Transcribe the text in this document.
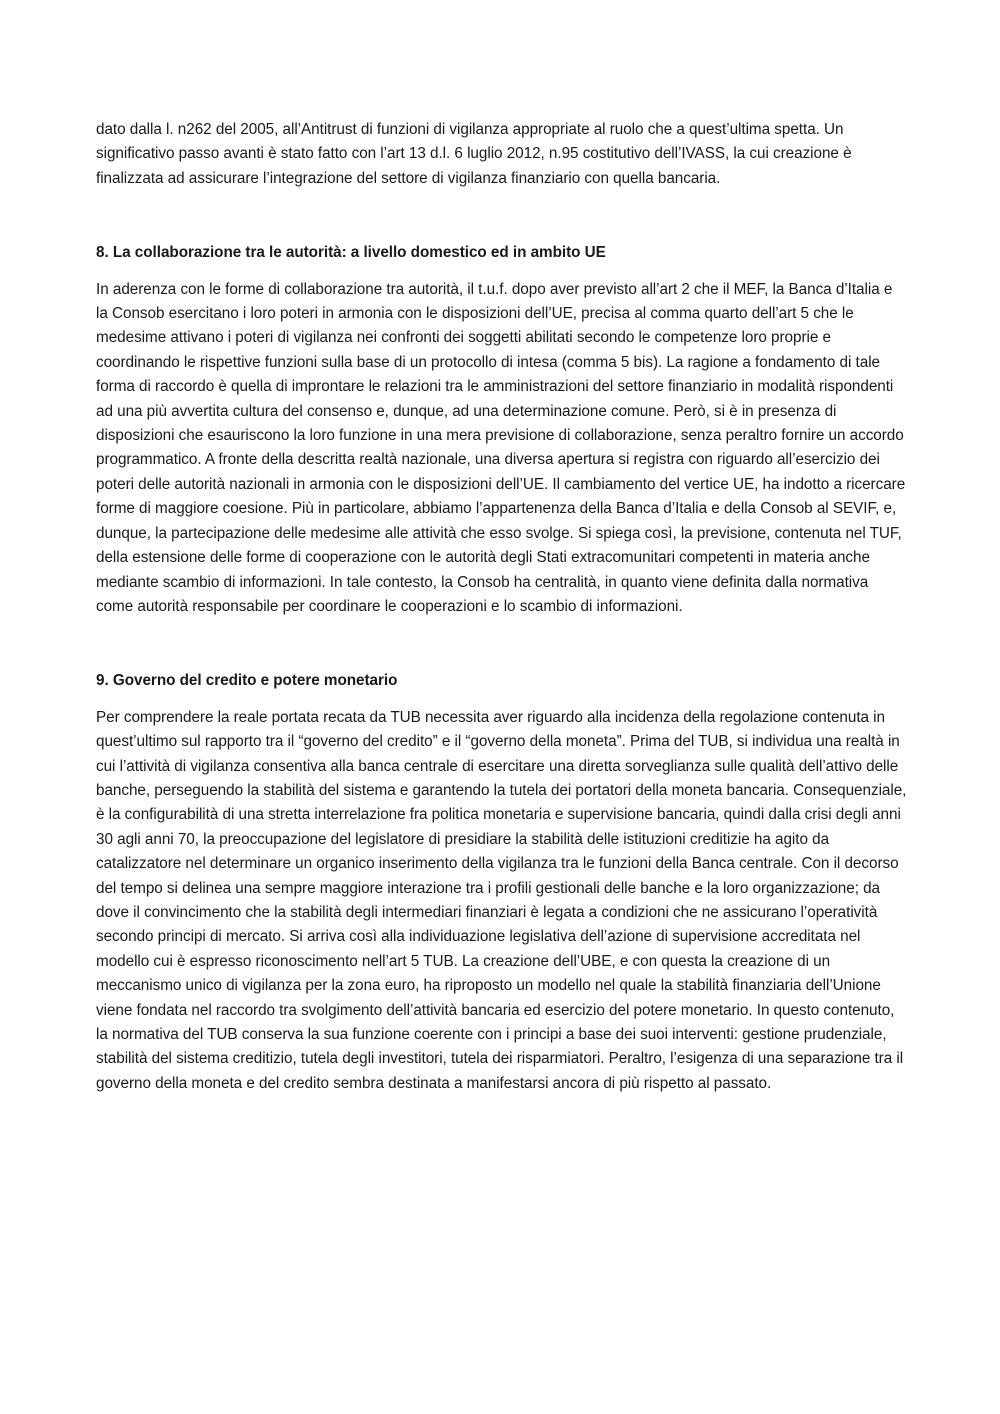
dato dalla l. n262 del 2005, all’Antitrust di funzioni di vigilanza appropriate al ruolo che a quest’ultima spetta. Un significativo passo avanti è stato fatto con l’art 13 d.l. 6 luglio 2012, n.95 costitutivo dell’IVASS, la cui creazione è finalizzata ad assicurare l’integrazione del settore di vigilanza finanziario con quella bancaria.

8. La collaborazione tra le autorità: a livello domestico ed in ambito UE

In aderenza con le forme di collaborazione tra autorità, il t.u.f. dopo aver previsto all’art 2 che il MEF, la Banca d’Italia e la Consob esercitano i loro poteri in armonia con le disposizioni dell’UE, precisa al comma quarto dell’art 5 che le medesime attivano i poteri di vigilanza nei confronti dei soggetti abilitati secondo le competenze loro proprie e coordinando le rispettive funzioni sulla base di un protocollo di intesa (comma 5 bis). La ragione a fondamento di tale forma di raccordo è quella di improntare le relazioni tra le amministrazioni del settore finanziario in modalità rispondenti ad una più avvertita cultura del consenso e, dunque, ad una determinazione comune. Però, si è in presenza di disposizioni che esauriscono la loro funzione in una mera previsione di collaborazione, senza peraltro fornire un accordo programmatico. A fronte della descritta realtà nazionale, una diversa apertura si registra con riguardo all’esercizio dei poteri delle autorità nazionali in armonia con le disposizioni dell’UE. Il cambiamento del vertice UE, ha indotto a ricercare forme di maggiore coesione. Più in particolare, abbiamo l’appartenenza della Banca d’Italia e della Consob al SEVIF, e, dunque, la partecipazione delle medesime alle attività che esso svolge. Si spiega così, la previsione, contenuta nel TUF, della estensione delle forme di cooperazione con le autorità degli Stati extracomunitari competenti in materia anche mediante scambio di informazioni. In tale contesto, la Consob ha centralità, in quanto viene definita dalla normativa come autorità responsabile per coordinare le cooperazioni e lo scambio di informazioni.

9. Governo del credito e potere monetario

Per comprendere la reale portata recata da TUB necessita aver riguardo alla incidenza della regolazione contenuta in quest’ultimo sul rapporto tra il “governo del credito” e il “governo della moneta”. Prima del TUB, si individua una realtà in cui l’attività di vigilanza consentiva alla banca centrale di esercitare una diretta sorveglianza sulle qualità dell’attivo delle banche, perseguendo la stabilità del sistema e garantendo la tutela dei portatori della moneta bancaria. Consequenziale, è la configurabilità di una stretta interrelazione fra politica monetaria e supervisione bancaria, quindi dalla crisi degli anni 30 agli anni 70, la preoccupazione del legislatore di presidiare la stabilità delle istituzioni creditizie ha agito da catalizzatore nel determinare un organico inserimento della vigilanza tra le funzioni della Banca centrale. Con il decorso del tempo si delinea una sempre maggiore interazione tra i profili gestionali delle banche e la loro organizzazione; da dove il convincimento che la stabilità degli intermediari finanziari è legata a condizioni che ne assicurano l’operatività secondo principi di mercato. Si arriva così alla individuazione legislativa dell’azione di supervisione accreditata nel modello cui è espresso riconoscimento nell’art 5 TUB. La creazione dell’UBE, e con questa la creazione di un meccanismo unico di vigilanza per la zona euro, ha riproposto un modello nel quale la stabilità finanziaria dell’Unione viene fondata nel raccordo tra svolgimento dell’attività bancaria ed esercizio del potere monetario. In questo contenuto, la normativa del TUB conserva la sua funzione coerente con i principi a base dei suoi interventi: gestione prudenziale, stabilità del sistema creditizio, tutela degli investitori, tutela dei risparmiatori. Peraltro, l’esigenza di una separazione tra il governo della moneta e del credito sembra destinata a manifestarsi ancora di più rispetto al passato.
